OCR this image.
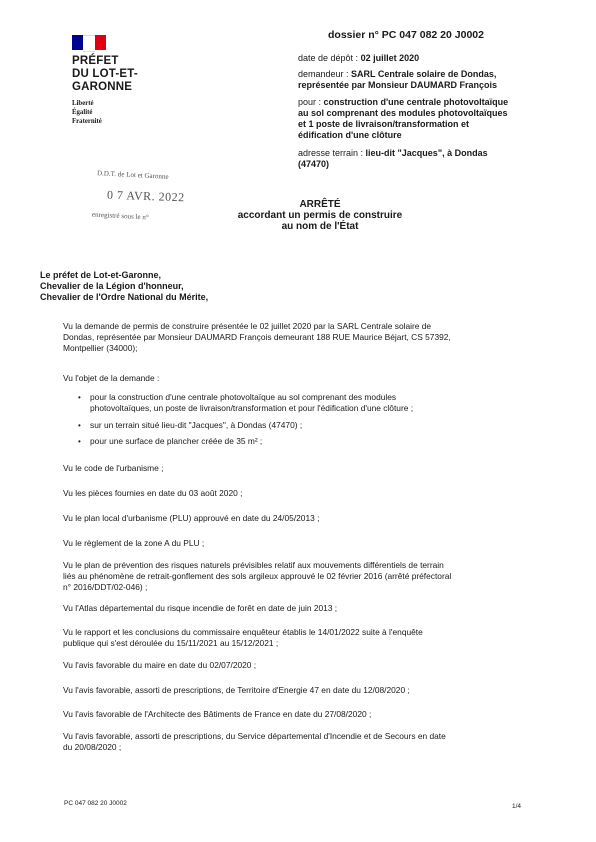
PRÉFET
DU LOT-ET-
GARONNE
Liberté
Égalité
Fraternité
dossier n° PC 047 082 20 J0002
date de dépôt : 02 juillet 2020
demandeur : SARL Centrale solaire de Dondas,
représentée par Monsieur DAUMARD François
pour : construction d'une centrale photovoltaïque
au sol comprenant des modules photovoltaïques
et 1 poste de livraison/transformation et
édification d'une clôture
adresse terrain : lieu-dit "Jacques", à Dondas
(47470)
D.D.T. de Lot et Garonne
0 7 AVR. 2022
enregistré sous le n°
ARRÊTÉ
accordant un permis de construire
au nom de l'État
Le préfet de Lot-et-Garonne,
Chevalier de la Légion d'honneur,
Chevalier de l'Ordre National du Mérite,
Vu la demande de permis de construire présentée le 02 juillet 2020 par la SARL Centrale solaire de
Dondas, représentée par Monsieur DAUMARD François demeurant 188 RUE Maurice Béjart, CS 57392,
Montpellier (34000);
Vu l'objet de la demande :
• pour la construction d'une centrale photovoltaïque au sol comprenant des modules
photovoltaïques, un poste de livraison/transformation et pour l'édification d'une clôture ;
• sur un terrain situé lieu-dit "Jacques", à Dondas (47470) ;
• pour une surface de plancher créée de 35 m² ;
Vu le code de l'urbanisme ;
Vu les pièces fournies en date du 03 août 2020 ;
Vu le plan local d'urbanisme (PLU) approuvé en date du 24/05/2013 ;
Vu le règlement de la zone A du PLU ;
Vu le plan de prévention des risques naturels prévisibles relatif aux mouvements différentiels de terrain
liés au phénomène de retrait-gonflement des sols argileux approuvé le 02 février 2016 (arrêté préfectoral
n° 2016/DDT/02-046) ;
Vu l'Atlas départemental du risque incendie de forêt en date de juin 2013 ;
Vu le rapport et les conclusions du commissaire enquêteur établis le 14/01/2022 suite à l'enquête
publique qui s'est déroulée du 15/11/2021 au 15/12/2021 ;
Vu l'avis favorable du maire en date du 02/07/2020 ;
Vu l'avis favorable, assorti de prescriptions, de Territoire d'Energie 47 en date du 12/08/2020 ;
Vu l'avis favorable de l'Architecte des Bâtiments de France en date du 27/08/2020 ;
Vu l'avis favorable, assorti de prescriptions, du Service départemental d'Incendie et de Secours en date
du 20/08/2020 ;
PC 047 082 20 J0002	1/4
